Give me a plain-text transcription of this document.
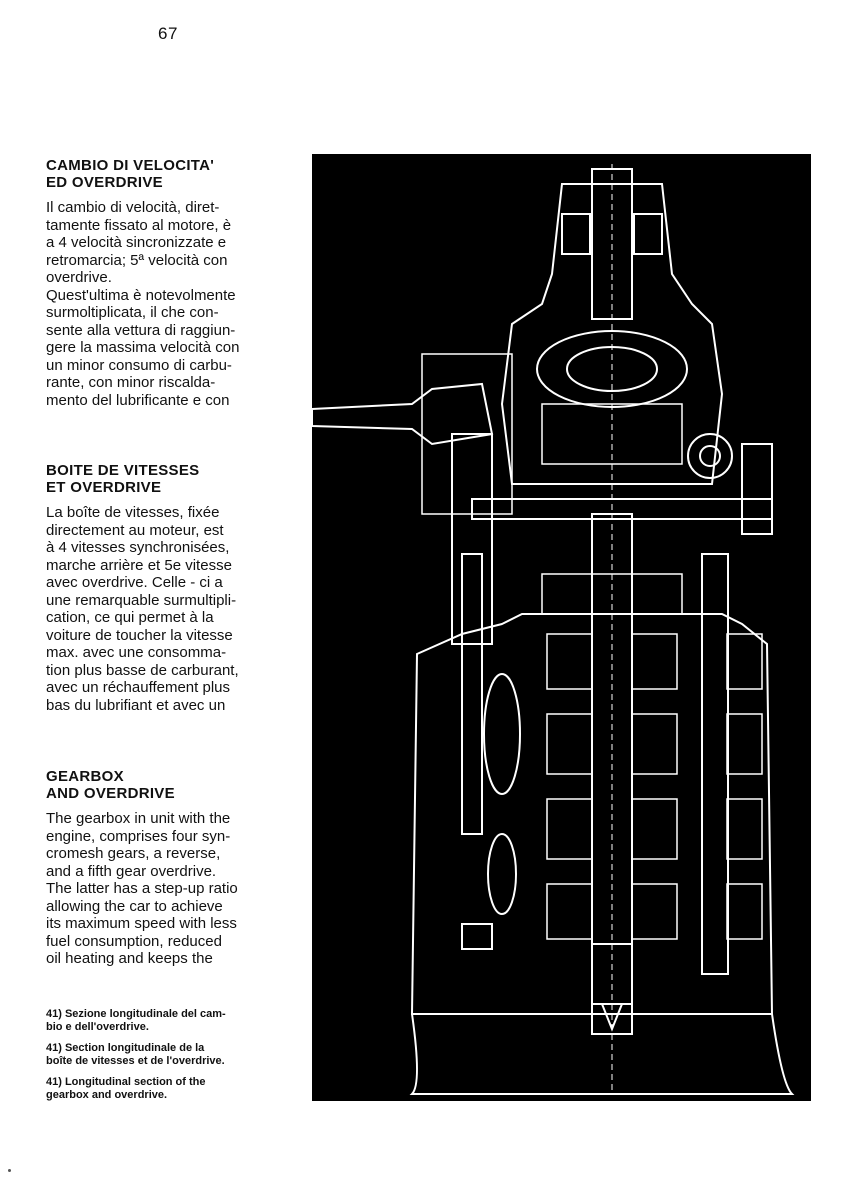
67

CAMBIO DI VELOCITA'
ED OVERDRIVE

Il cambio di velocità, diret-
tamente fissato al motore, è
a 4 velocità sincronizzate e
retromarcia; 5ª velocità con
overdrive.
Quest'ultima è notevolmente
surmoltiplicata, il che con-
sente alla vettura di raggiun-
gere la massima velocità con
un minor consumo di carbu-
rante, con minor riscalda-
mento del lubrificante e con

BOITE DE VITESSES
ET OVERDRIVE

La boîte de vitesses, fixée
directement au moteur, est
à 4 vitesses synchronisées,
marche arrière et 5e vitesse
avec overdrive. Celle - ci a
une remarquable surmultipli-
cation, ce qui permet à la
voiture de toucher la vitesse
max. avec une consomma-
tion plus basse de carburant,
avec un réchauffement plus
bas du lubrifiant et avec un

GEARBOX
AND OVERDRIVE

The gearbox in unit with the
engine, comprises four syn-
cromesh gears, a reverse,
and a fifth gear overdrive.
The latter has a step-up ratio
allowing the car to achieve
its maximum speed with less
fuel consumption, reduced
oil heating and keeps the

41) Sezione longitudinale del cam-
bio e dell'overdrive.
41) Section longitudinale de la
boîte de vitesses et de l'overdrive.
41) Longitudinal section of the
gearbox and overdrive.
